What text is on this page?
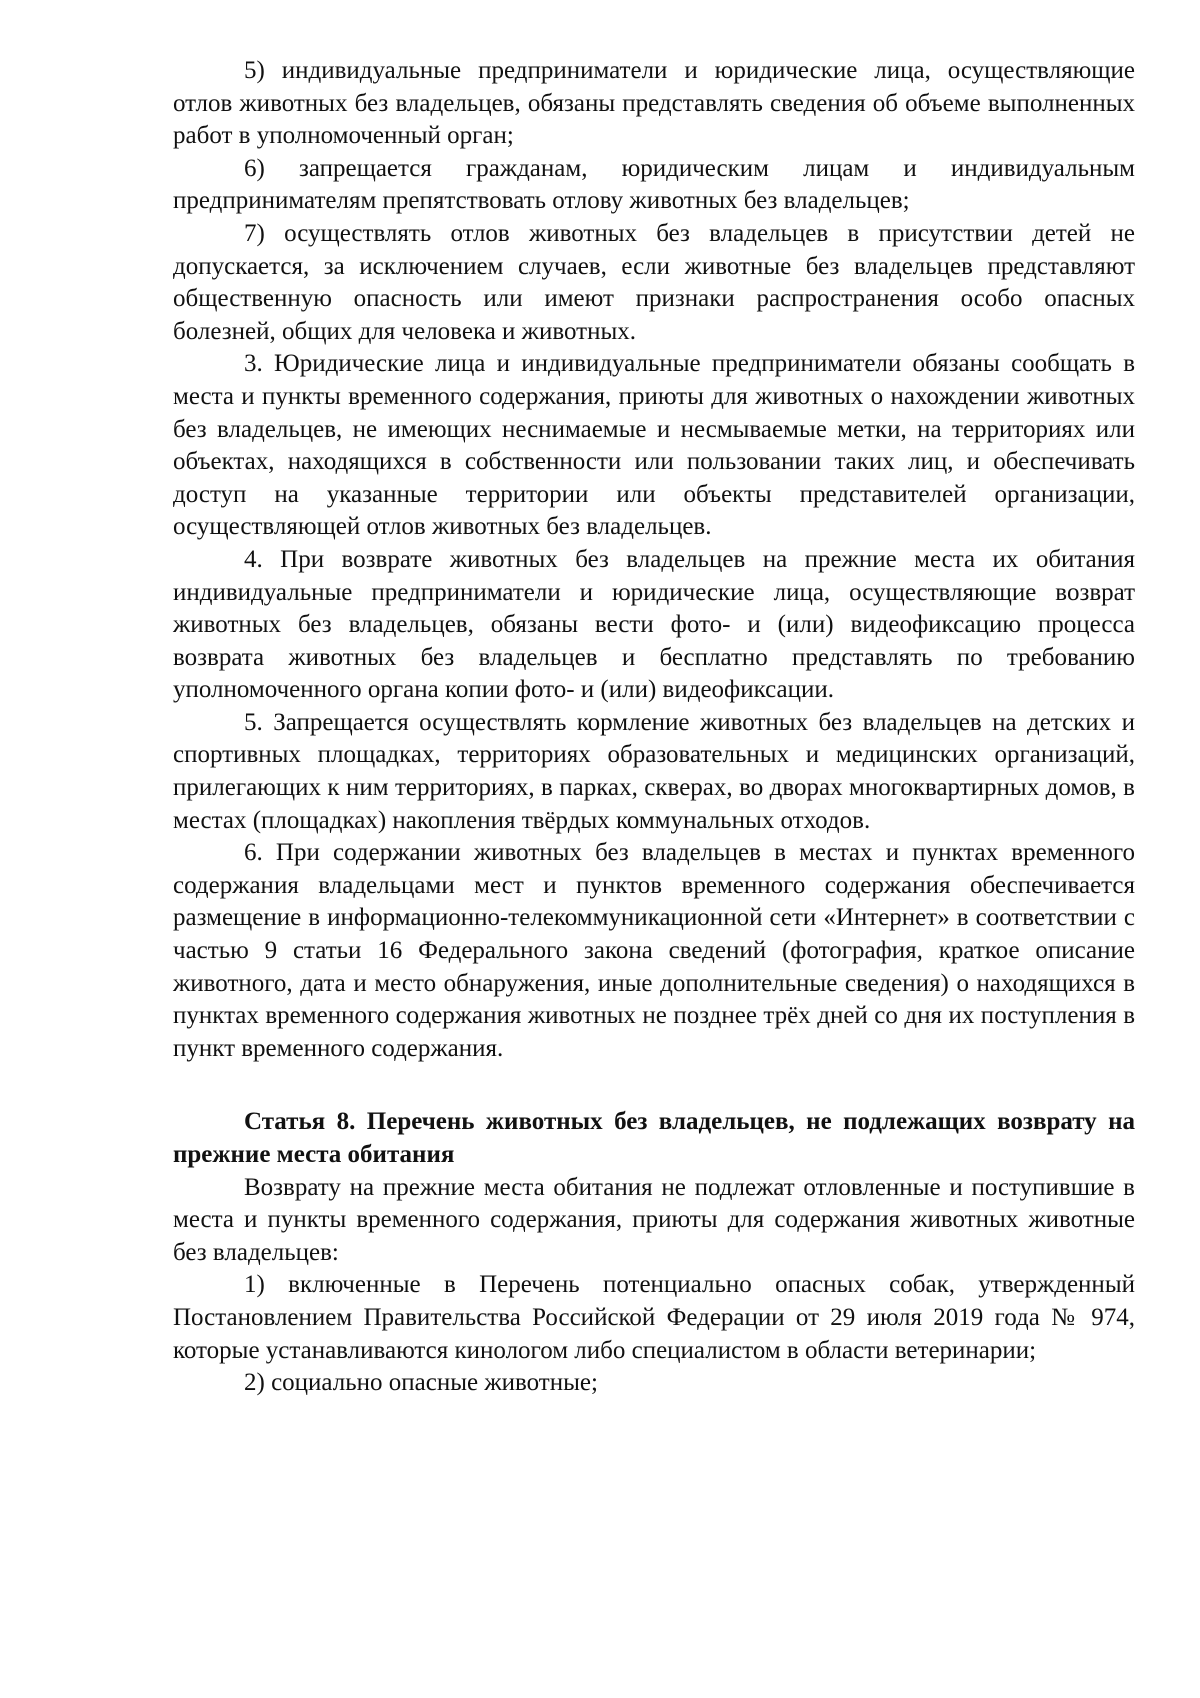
5) индивидуальные предприниматели и юридические лица, осуществляющие отлов животных без владельцев, обязаны представлять сведения об объеме выполненных работ в уполномоченный орган;

6) запрещается гражданам, юридическим лицам и индивидуальным предпринимателям препятствовать отлову животных без владельцев;

7) осуществлять отлов животных без владельцев в присутствии детей не допускается, за исключением случаев, если животные без владельцев представляют общественную опасность или имеют признаки распространения особо опасных болезней, общих для человека и животных.

3. Юридические лица и индивидуальные предприниматели обязаны сообщать в места и пункты временного содержания, приюты для животных о нахождении животных без владельцев, не имеющих неснимаемые и несмываемые метки, на территориях или объектах, находящихся в собственности или пользовании таких лиц, и обеспечивать доступ на указанные территории или объекты представителей организации, осуществляющей отлов животных без владельцев.

4. При возврате животных без владельцев на прежние места их обитания индивидуальные предприниматели и юридические лица, осуществляющие возврат животных без владельцев, обязаны вести фото- и (или) видеофиксацию процесса возврата животных без владельцев и бесплатно представлять по требованию уполномоченного органа копии фото- и (или) видеофиксации.

5. Запрещается осуществлять кормление животных без владельцев на детских и спортивных площадках, территориях образовательных и медицинских организаций, прилегающих к ним территориях, в парках, скверах, во дворах многоквартирных домов, в местах (площадках) накопления твёрдых коммунальных отходов.

6. При содержании животных без владельцев в местах и пунктах временного содержания владельцами мест и пунктов временного содержания обеспечивается размещение в информационно-телекоммуникационной сети «Интернет» в соответствии с частью 9 статьи 16 Федерального закона сведений (фотография, краткое описание животного, дата и место обнаружения, иные дополнительные сведения) о находящихся в пунктах временного содержания животных не позднее трёх дней со дня их поступления в пункт временного содержания.

Статья 8. Перечень животных без владельцев, не подлежащих возврату на прежние места обитания

Возврату на прежние места обитания не подлежат отловленные и поступившие в места и пункты временного содержания, приюты для содержания животных животные без владельцев:

1) включенные в Перечень потенциально опасных собак, утвержденный Постановлением Правительства Российской Федерации от 29 июля 2019 года № 974, которые устанавливаются кинологом либо специалистом в области ветеринарии;

2) социально опасные животные;
